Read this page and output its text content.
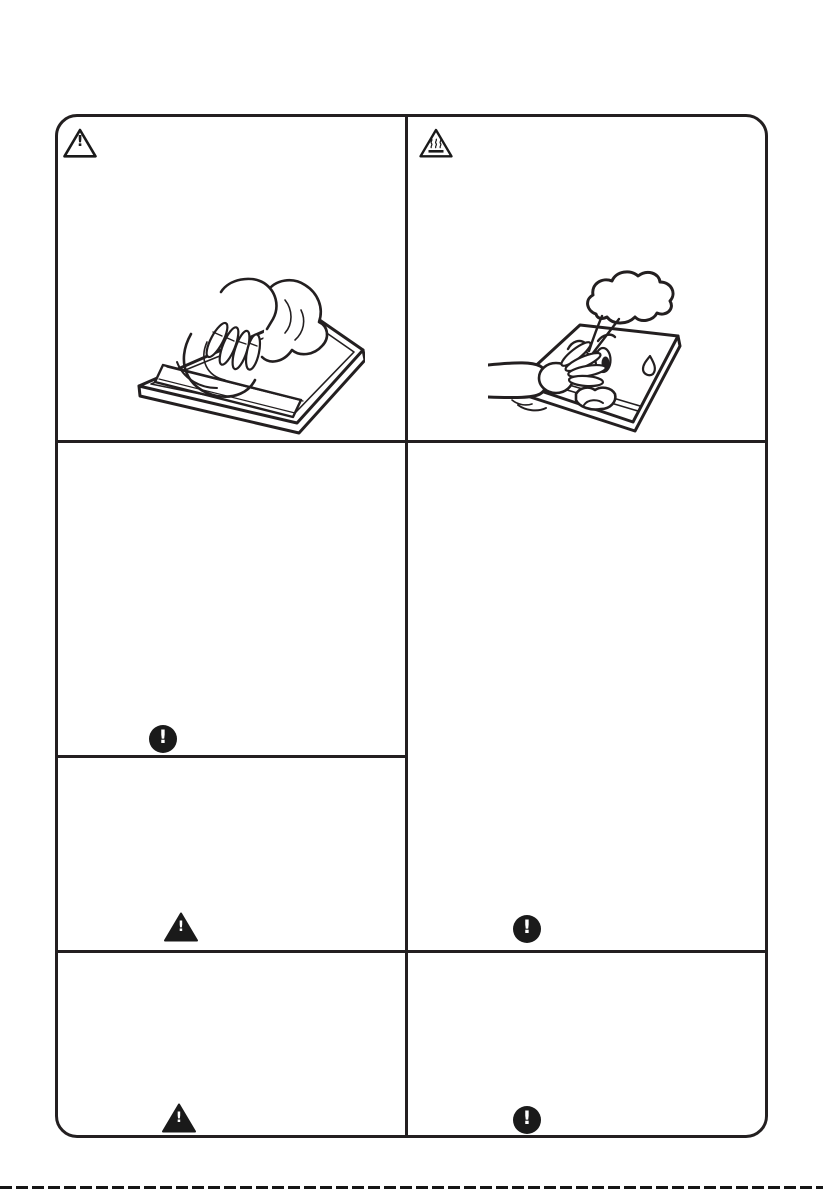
!
!
!	!
!	!
